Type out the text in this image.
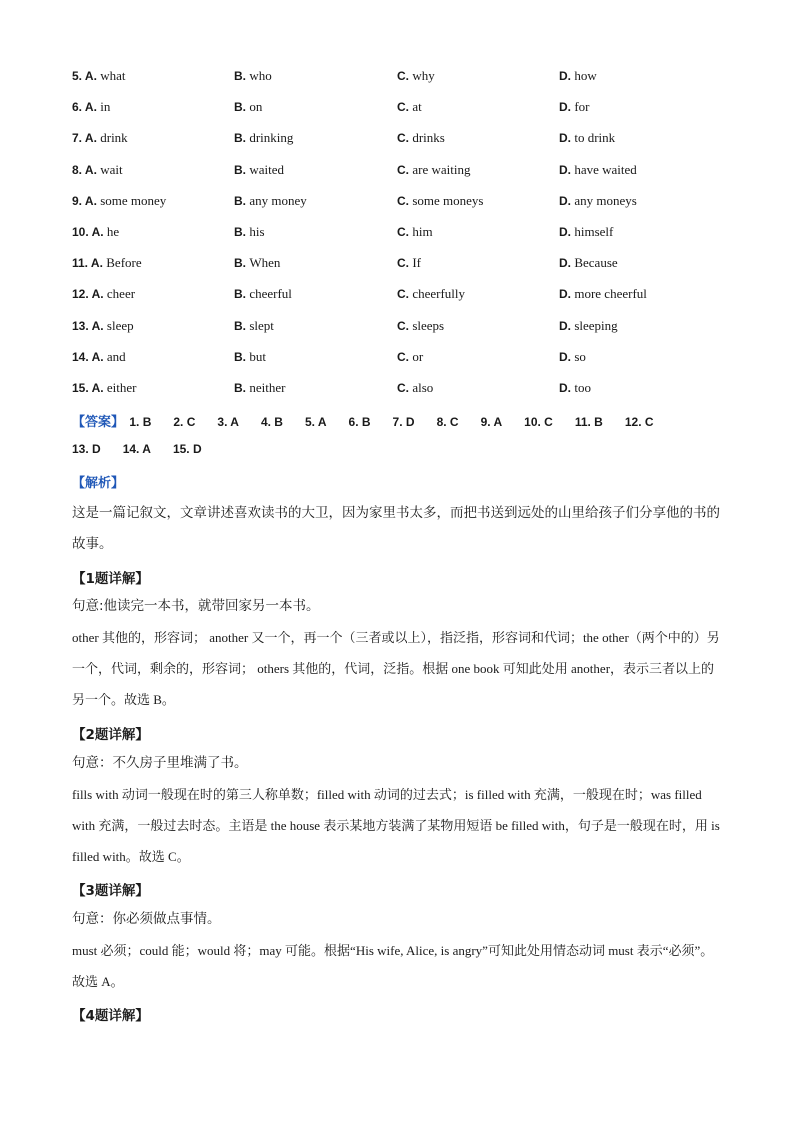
5. A. what	B. who	C. why	D. how
6. A. in	B. on	C. at	D. for
7. A. drink	B. drinking	C. drinks	D. to drink
8. A. wait	B. waited	C. are waiting	D. have waited
9. A. some money	B. any money	C. some moneys	D. any moneys
10. A. he	B. his	C. him	D. himself
11. A. Before	B. When	C. If	D. Because
12. A. cheer	B. cheerful	C. cheerfully	D. more cheerful
13. A. sleep	B. slept	C. sleeps	D. sleeping
14. A. and	B. but	C. or	D. so
15. A. either	B. neither	C. also	D. too
【答案】 1. B 2. C 3. A 4. B 5. A 6. B 7. D 8. C 9. A 10. C 11. B 12. C
13. D 14. A 15. D
【解析】
这是一篇记叙文，文章讲述喜欢读书的大卫，因为家里书太多，而把书送到远处的山里给孩子们分享他的书的故事。
【1题详解】
句意:他读完一本书，就带回家另一本书。
other 其他的，形容词； another 又一个，再一个（三者或以上），指泛指，形容词和代词；the other（两个中的）另一个，代词，剩余的，形容词； others 其他的，代词，泛指。根据 one book 可知此处用 another，表示三者以上的另一个。故选 B。
【2题详解】
句意：不久房子里堆满了书。
fills with 动词一般现在时的第三人称单数；filled with 动词的过去式；is filled with 充满，一般现在时；was filled with 充满，一般过去时态。主语是 the house 表示某地方装满了某物用短语 be filled with，句子是一般现在时，用 is filled with。故选 C。
【3题详解】
句意：你必须做点事情。
must 必须；could 能；would 将；may 可能。根据“His wife, Alice, is angry”可知此处用情态动词 must 表示“必须”。故选 A。
【4题详解】
